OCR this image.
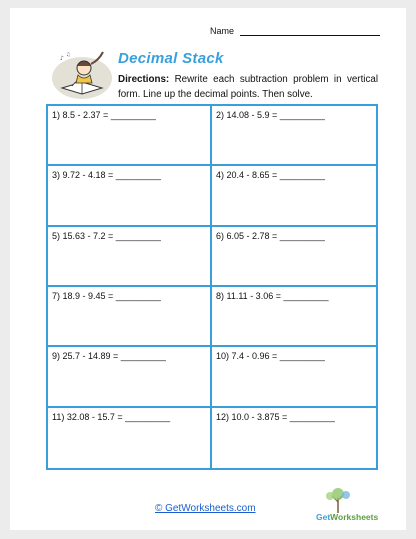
Name
♪ ♫	Decimal Stack
Directions: Rewrite each subtraction problem in vertical form. Line up the decimal points. Then solve.
1) 8.5 - 2.37 = _________	2) 14.08 - 5.9 = _________
3) 9.72 - 4.18 = _________	4) 20.4 - 8.65 = _________
5) 15.63 - 7.2 = _________	6) 6.05 - 2.78 = _________
7) 18.9 - 9.45 = _________	8) 11.11 - 3.06 = _________
9) 25.7 - 14.89 = _________	10) 7.4 - 0.96 = _________
11) 32.08 - 15.7 = _________	12) 10.0 - 3.875 = _________
© GetWorksheets.com
GetWorksheets
